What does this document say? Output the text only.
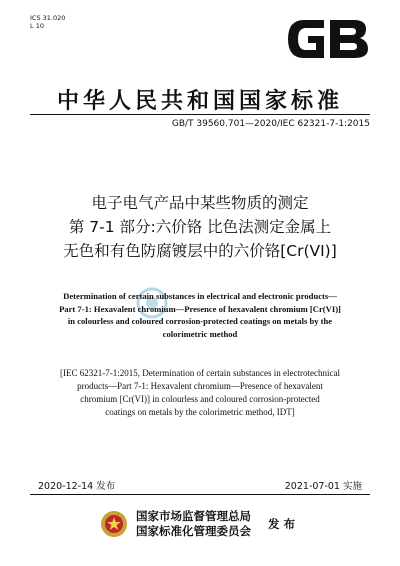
ICS 31.020
L 10
中华人民共和国国家标准
GB/T 39560.701—2020/IEC 62321-7-1:2015
电子电气产品中某些物质的测定
第 7-1 部分:六价铬 比色法测定金属上
无色和有色防腐镀层中的六价铬[Cr(VI)]
Determination of certain substances in electrical and electronic products—
Part 7-1: Hexavalent chromium—Presence of hexavalent chromium [Cr(VI)]
in colourless and coloured corrosion-protected coatings on metals by the
colorimetric method
[IEC 62321-7-1:2015, Determination of certain substances in electrotechnical
products—Part 7-1: Hexavalent chromium—Presence of hexavalent
chromium [Cr(VI)] in colourless and coloured corrosion-protected
coatings on metals by the colorimetric method, IDT]
2020-12-14 发布	2021-07-01 实施
国家市场监督管理总局
国家标准化管理委员会 发 布
